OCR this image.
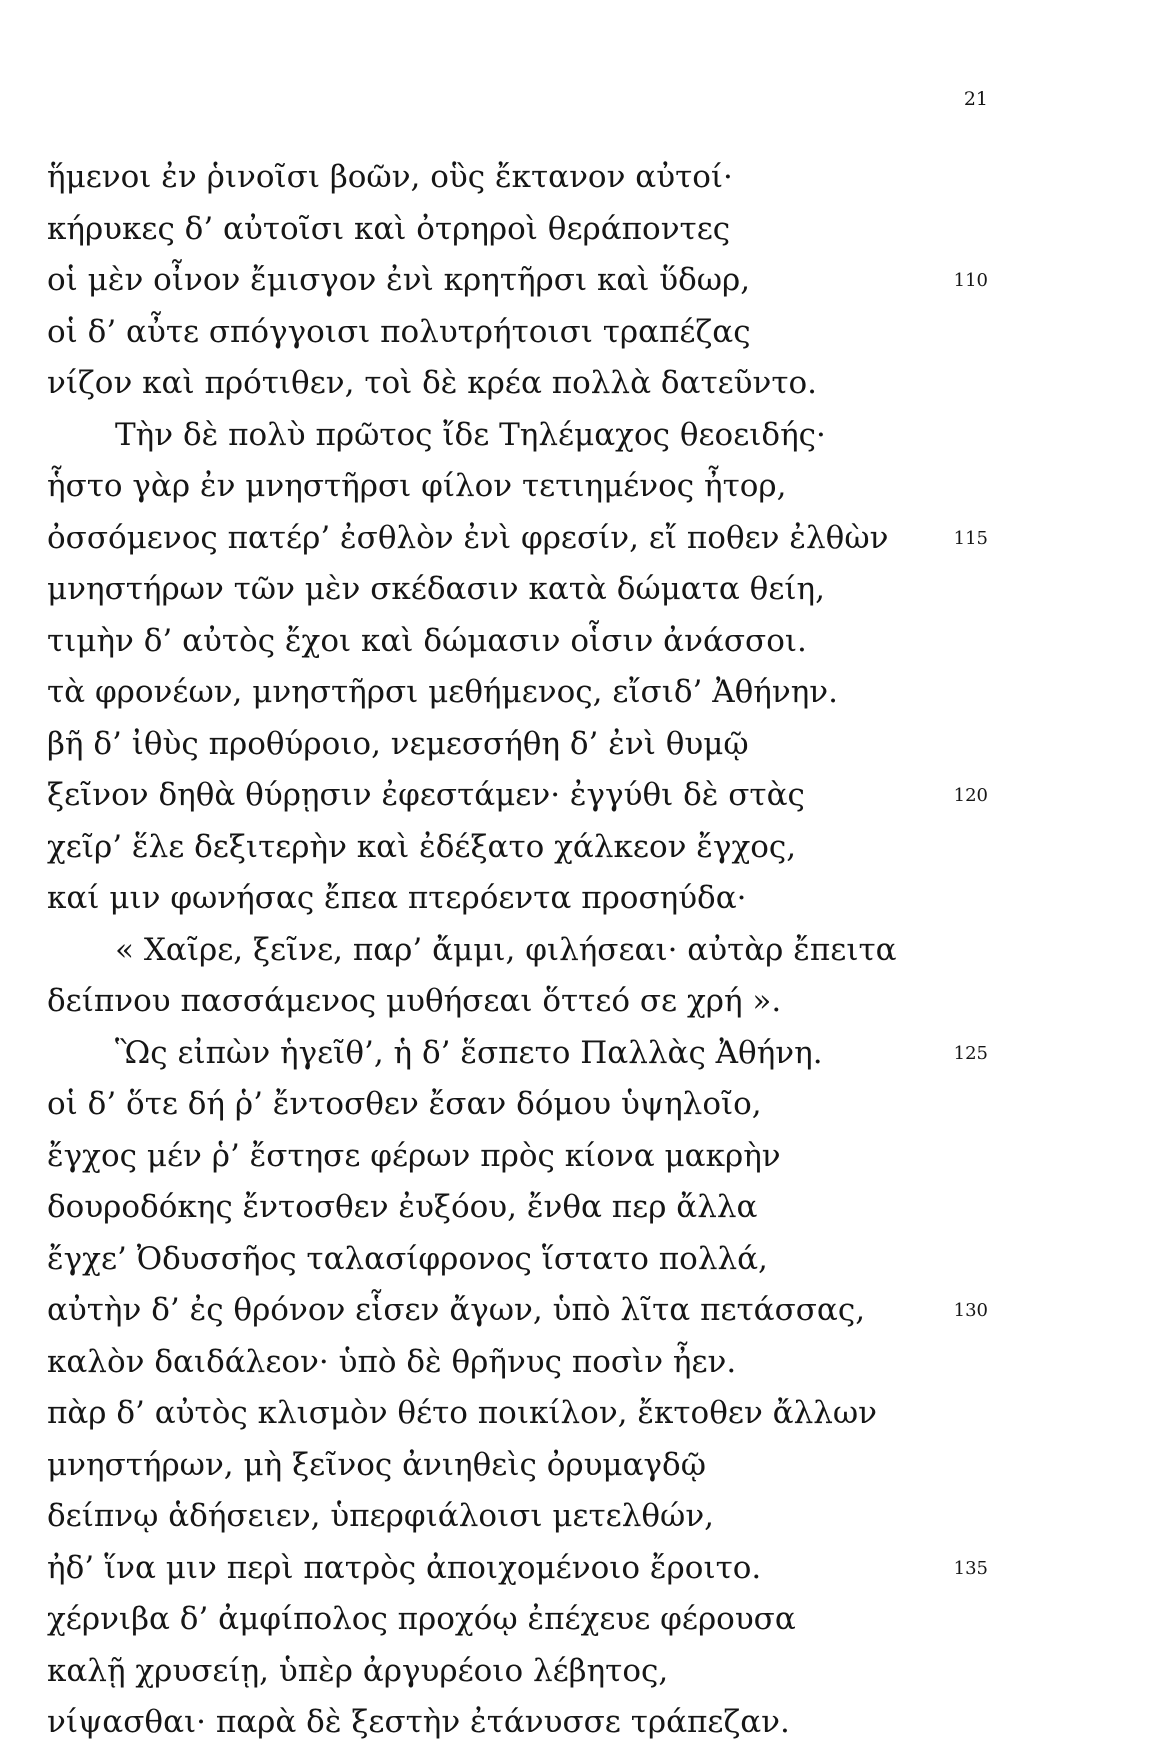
21
ἥμενοι ἐν ῥινοῖσι βοῶν, οὓς ἔκτανον αὐτοί·
κήρυκες δ’ αὐτοῖσι καὶ ὀτρηροὶ θεράποντες
οἱ μὲν οἶνον ἔμισγον ἐνὶ κρητῆρσι καὶ ὕδωρ,	110
οἱ δ’ αὖτε σπόγγοισι πολυτρήτοισι τραπέζας
νίζον καὶ πρότιθεν, τοὶ δὲ κρέα πολλὰ δατεῦντο.
Τὴν δὲ πολὺ πρῶτος ἴδε Τηλέμαχος θεοειδής·
ἧστο γὰρ ἐν μνηστῆρσι φίλον τετιημένος ἦτορ,
ὀσσόμενος πατέρ’ ἐσθλὸν ἐνὶ φρεσίν, εἴ ποθεν ἐλθὼν	115
μνηστήρων τῶν μὲν σκέδασιν κατὰ δώματα θείη,
τιμὴν δ’ αὐτὸς ἔχοι καὶ δώμασιν οἷσιν ἀνάσσοι.
τὰ φρονέων, μνηστῆρσι μεθήμενος, εἴσιδ’ Ἀθήνην.
βῆ δ’ ἰθὺς προθύροιο, νεμεσσήθη δ’ ἐνὶ θυμῷ
ξεῖνον δηθὰ θύρῃσιν ἐφεστάμεν· ἐγγύθι δὲ στὰς	120
χεῖρ’ ἕλε δεξιτερὴν καὶ ἐδέξατο χάλκεον ἔγχος,
καί μιν φωνήσας ἔπεα πτερόεντα προσηύδα·
« Χαῖρε, ξεῖνε, παρ’ ἄμμι, φιλήσεαι· αὐτὰρ ἔπειτα
δείπνου πασσάμενος μυθήσεαι ὅττεό σε χρή ».
Ὣς εἰπὼν ἡγεῖθ’, ἡ δ’ ἕσπετο Παλλὰς Ἀθήνη.	125
οἱ δ’ ὅτε δή ῥ’ ἔντοσθεν ἔσαν δόμου ὑψηλοῖο,
ἔγχος μέν ῥ’ ἔστησε φέρων πρὸς κίονα μακρὴν
δουροδόκης ἔντοσθεν ἐυξόου, ἔνθα περ ἄλλα
ἔγχε’ Ὀδυσσῆος ταλασίφρονος ἵστατο πολλά,
αὐτὴν δ’ ἐς θρόνον εἷσεν ἄγων, ὑπὸ λῖτα πετάσσας,	130
καλὸν δαιδάλεον· ὑπὸ δὲ θρῆνυς ποσὶν ἦεν.
πὰρ δ’ αὐτὸς κλισμὸν θέτο ποικίλον, ἔκτοθεν ἄλλων
μνηστήρων, μὴ ξεῖνος ἀνιηθεὶς ὀρυμαγδῷ
δείπνῳ ἁδήσειεν, ὑπερφιάλοισι μετελθών,
ἠδ’ ἵνα μιν περὶ πατρὸς ἀποιχομένοιο ἔροιτο.	135
χέρνιβα δ’ ἀμφίπολος προχόῳ ἐπέχευε φέρουσα
καλῇ χρυσείῃ, ὑπὲρ ἀργυρέοιο λέβητος,
νίψασθαι· παρὰ δὲ ξεστὴν ἐτάνυσσε τράπεζαν.
